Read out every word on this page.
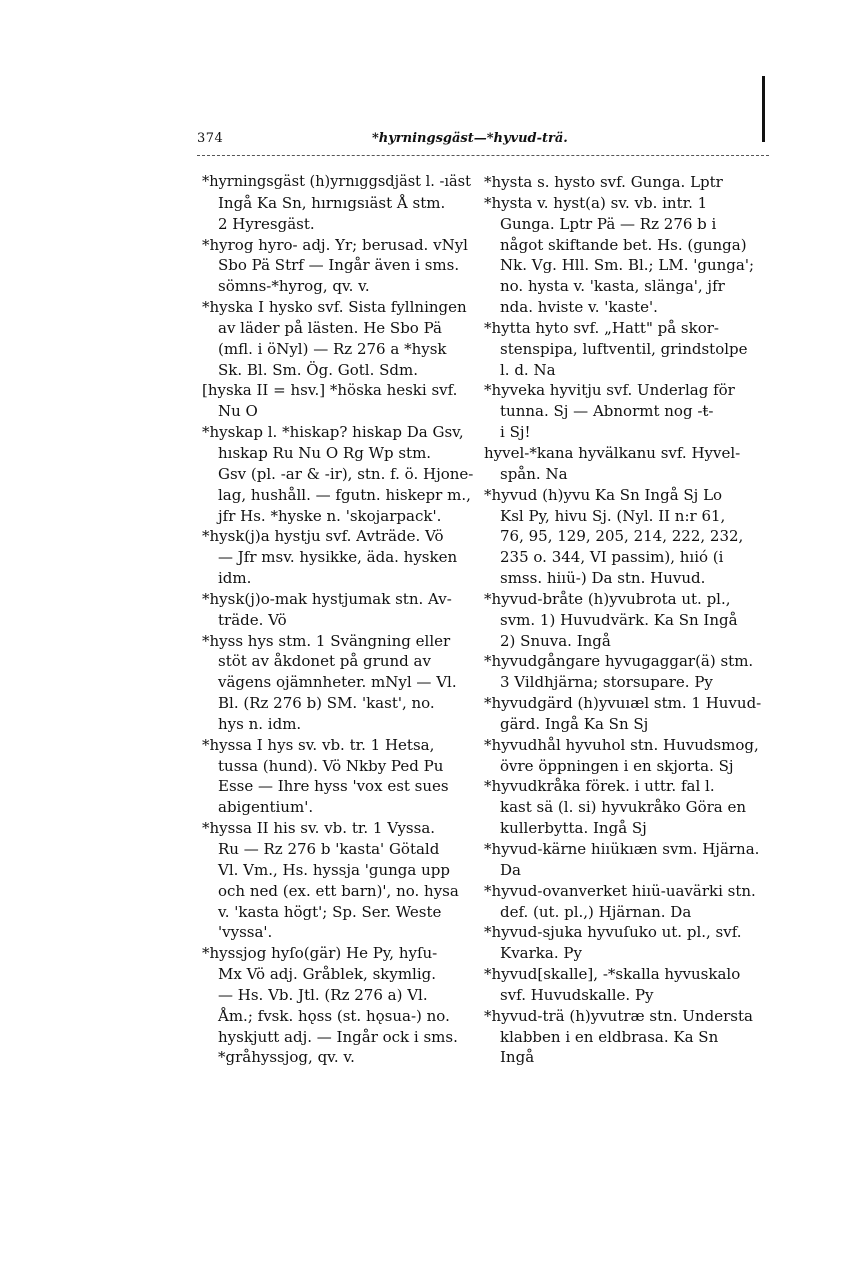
374	*hyrningsgäst—*hyvud-trä.
*hyrningsgäst (h)yrnıggsdjäst l. -ıäst
Ingå Ka Sn, hırnıgsıäst Å stm.
2 Hyresgäst.
*hyrog hyro- adj. Yr; berusad. vNyl
Sbo Pä Strf — Ingår även i sms.
sömns-*hyrog, qv. v.
*hyska I hysko svf. Sista fyllningen
av läder på lästen. He Sbo Pä
(mfl. i öNyl) — Rz 276 a *hysk
Sk. Bl. Sm. Ög. Gotl. Sdm.
[hyska II = hsv.] *höska heski svf.
Nu O
*hyskap l. *hiskap? hiskap Da Gsv,
hıskap Ru Nu O Rg Wp stm.
Gsv (pl. -ar & -ir), stn. f. ö. Hjone-
lag, hushåll. — fgutn. hiskepr m.,
jfr Hs. *hyske n. 'skojarpack'.
*hysk(j)a hystju svf. Avträde. Vö
— Jfr msv. hysikke, äda. hysken
idm.
*hysk(j)o-mak hystjumak stn. Av-
träde. Vö
*hyss hys stm. 1 Svängning eller
stöt av åkdonet på grund av
vägens ojämnheter. mNyl — Vl.
Bl. (Rz 276 b) SM. 'kast', no.
hys n. idm.
*hyssa I hys sv. vb. tr. 1 Hetsa,
tussa (hund). Vö Nkby Ped Pu
Esse — Ihre hyss 'vox est sues
abigentium'.
*hyssa II his sv. vb. tr. 1 Vyssa.
Ru — Rz 276 b 'kasta' Götald
Vl. Vm., Hs. hyssja 'gunga upp
och ned (ex. ett barn)', no. hysa
v. 'kasta högt'; Sp. Ser. Weste
'vyssa'.
*hyssjog hyſo(gär) He Py, hyſu-
Mx Vö adj. Gråblek, skymlig.
— Hs. Vb. Jtl. (Rz 276 a) Vl.
Åm.; fvsk. hǫss (st. hǫsua-) no.
hyskjutt adj. — Ingår ock i sms.
*gråhyssjog, qv. v.
*hysta s. hysto svf. Gunga. Lptr
*hysta v. hyst(a) sv. vb. intr. 1
Gunga. Lptr Pä — Rz 276 b i
något skiftande bet. Hs. (gunga)
Nk. Vg. Hll. Sm. Bl.; LM. 'gunga';
no. hysta v. 'kasta, slänga', jfr
nda. hviste v. 'kaste'.
*hytta hyto svf. „Hatt" på skor-
stenspipa, luftventil, grindstolpe
l. d. Na
*hyveka hyvitju svf. Underlag för
tunna. Sj — Abnormt nog -ŧ-
i Sj!
hyvel-*kana hyvälkanu svf. Hyvel-
spån. Na
*hyvud (h)yvu Ka Sn Ingå Sj Lo
Ksl Py, hivu Sj. (Nyl. II n:r 61,
76, 95, 129, 205, 214, 222, 232,
235 o. 344, VI passim), hıió (i
smss. hiıü-) Da stn. Huvud.
*hyvud-bråte (h)yvubrota ut. pl.,
svm. 1) Huvudvärk. Ka Sn Ingå
2) Snuva. Ingå
*hyvudgångare hyvugaggar(ä) stm.
3 Vildhjärna; storsupare. Py
*hyvudgärd (h)yvuıæl stm. 1 Huvud-
gärd. Ingå Ka Sn Sj
*hyvudhål hyvuhol stn. Huvudsmog,
övre öppningen i en skjorta. Sj
*hyvudkråka förek. i uttr. fal l.
kast sä (l. si) hyvukråko Göra en
kullerbytta. Ingå Sj
*hyvud-kärne hiıükıæn svm. Hjärna.
Da
*hyvud-ovanverket hiıü-uavärki stn.
def. (ut. pl.,) Hjärnan. Da
*hyvud-sjuka hyvuſuko ut. pl., svf.
Kvarka. Py
*hyvud[skalle], -*skalla hyvuskalo
svf. Huvudskalle. Py
*hyvud-trä (h)yvutræ stn. Understa
klabben i en eldbrasa. Ka Sn
Ingå
